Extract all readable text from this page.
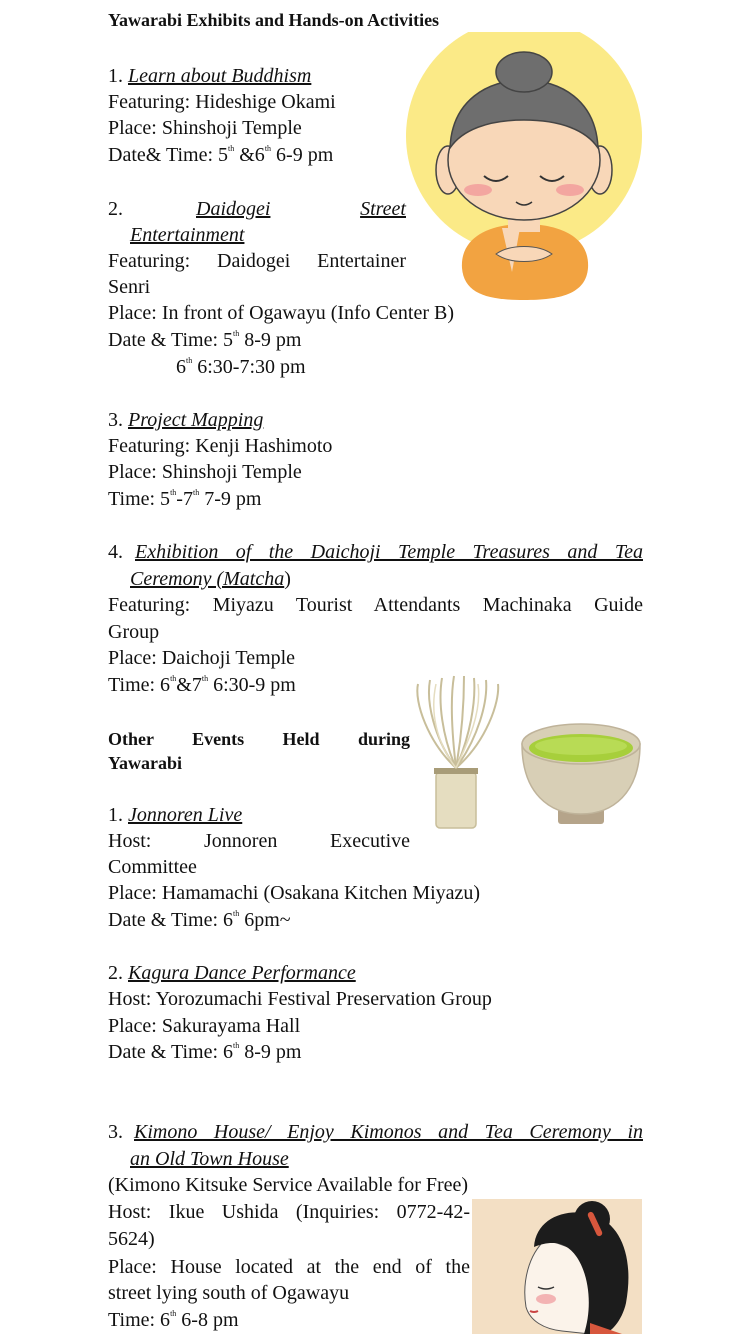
Yawarabi Exhibits and Hands-on Activities
1. Learn about Buddhism
Featuring: Hideshige Okami
Place: Shinshoji Temple
Date& Time: 5th &6th 6-9 pm
2.	Daidogei	Street
Entertainment
Featuring: Daidogei Entertainer
Senri
Place: In front of Ogawayu (Info Center B)
Date & Time: 5th 8-9 pm
6th 6:30-7:30 pm
3. Project Mapping
Featuring: Kenji Hashimoto
Place: Shinshoji Temple
Time: 5th-7th 7-9 pm
4. Exhibition of the Daichoji Temple Treasures and Tea
Ceremony (Matcha)
Featuring: Miyazu Tourist Attendants Machinaka Guide
Group
Place: Daichoji Temple
Time: 6th&7th 6:30-9 pm
Other Events Held during
Yawarabi
1. Jonnoren Live
Host: Jonnoren Executive
Committee
Place: Hamamachi (Osakana Kitchen Miyazu)
Date & Time: 6th 6pm~
2. Kagura Dance Performance
Host: Yorozumachi Festival Preservation Group
Place: Sakurayama Hall
Date & Time: 6th 8-9 pm
3. Kimono House/ Enjoy Kimonos and Tea Ceremony in
an Old Town House
(Kimono Kitsuke Service Available for Free)
Host: Ikue Ushida (Inquiries: 0772-42-
5624)
Place: House located at the end of the
street lying south of Ogawayu
Time: 6th 6-8 pm
